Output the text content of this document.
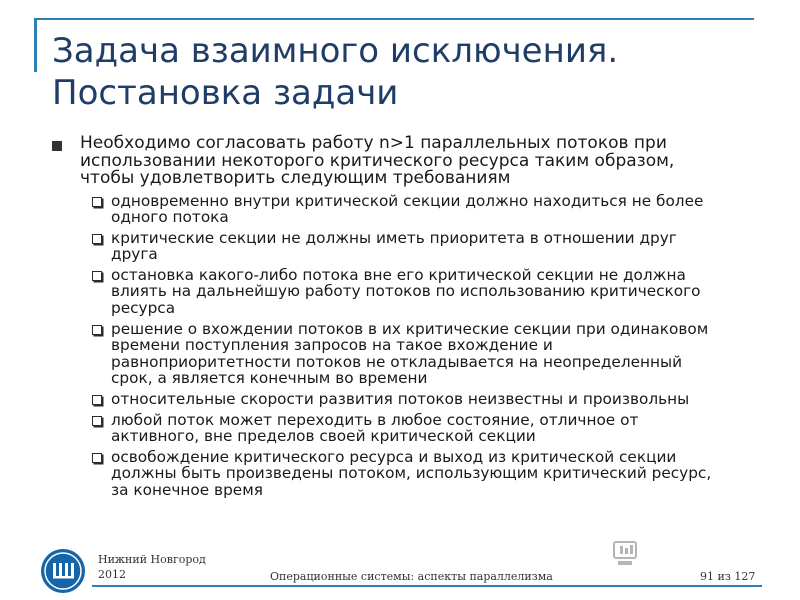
Задача взаимного исключения.
Постановка задачи
Необходимо согласовать работу n>1 параллельных потоков при использовании некоторого критического ресурса таким образом, чтобы удовлетворить следующим требованиям
одновременно внутри критической секции должно находиться не более одного потока
критические секции не должны иметь приоритета в отношении друг друга
остановка какого-либо потока вне его критической секции не должна влиять на дальнейшую работу потоков по использованию критического ресурса
решение о вхождении потоков в их критические секции при одинаковом времени поступления запросов на такое вхождение и равноприоритетности потоков не откладывается на неопределенный срок, а является конечным во времени
относительные скорости развития потоков неизвестны и произвольны
любой поток может переходить в любое состояние, отличное от активного, вне пределов своей критической секции
освобождение критического ресурса и выход из критической секции должны быть произведены потоком, использующим критический ресурс, за конечное время
Нижний Новгород
2012	Операционные системы: аспекты параллелизма	91 из 127
